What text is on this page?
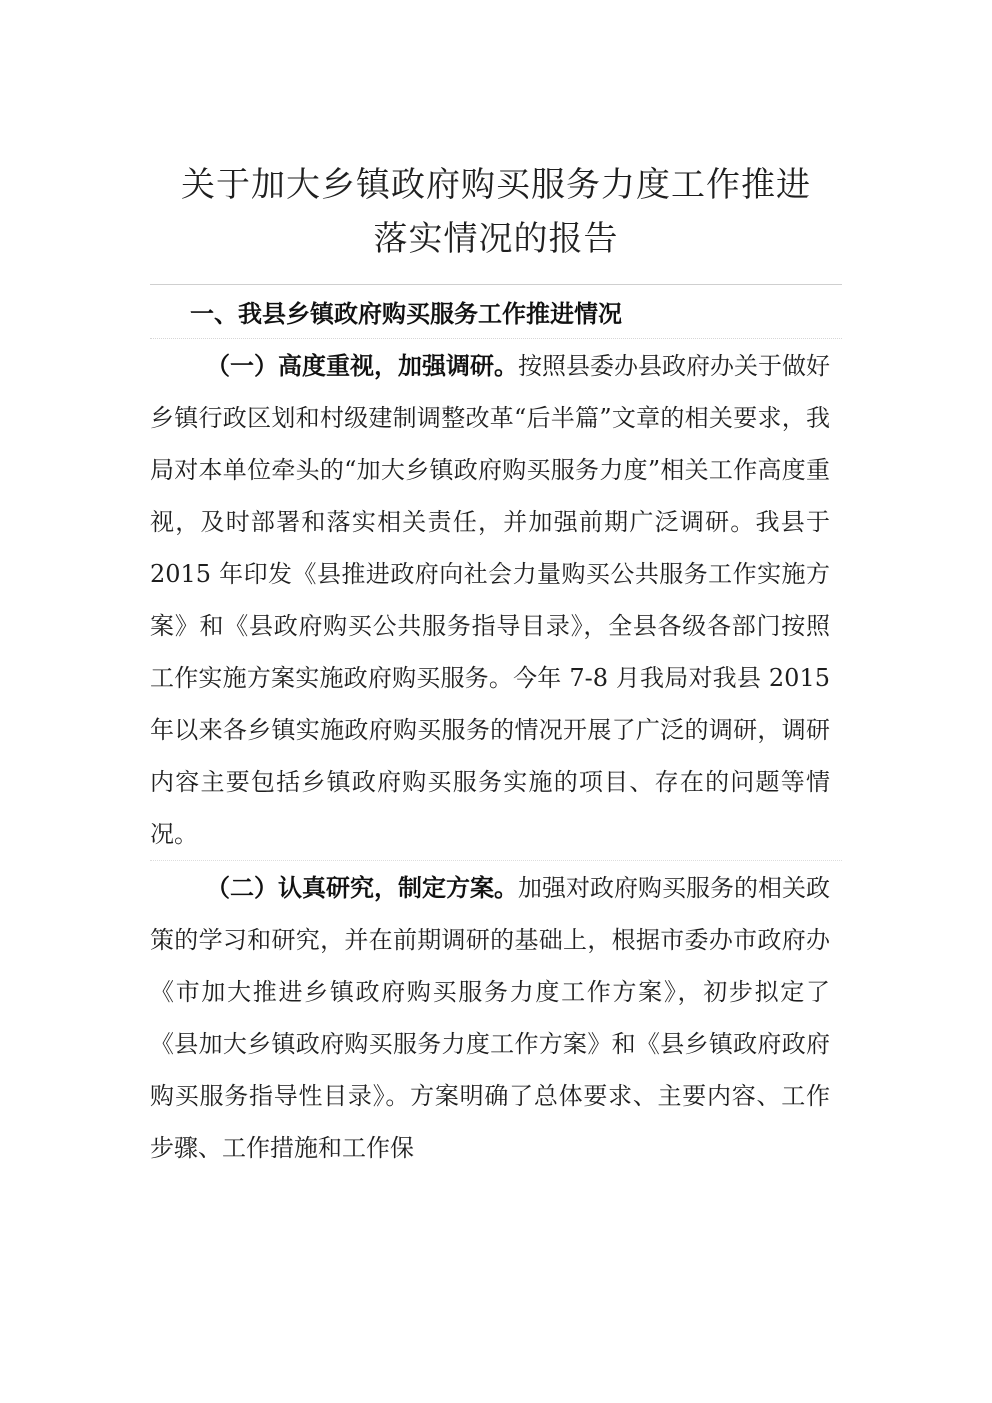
关于加大乡镇政府购买服务力度工作推进
落实情况的报告
一、我县乡镇政府购买服务工作推进情况

（一）高度重视，加强调研。按照县委办县政府办关于做好乡镇行政区划和村级建制调整改革“后半篇”文章的相关要求，我局对本单位牵头的“加大乡镇政府购买服务力度”相关工作高度重视，及时部署和落实相关责任，并加强前期广泛调研。我县于 2015 年印发《县推进政府向社会力量购买公共服务工作实施方案》和《县政府购买公共服务指导目录》，全县各级各部门按照工作实施方案实施政府购买服务。今年 7-8 月我局对我县 2015 年以来各乡镇实施政府购买服务的情况开展了广泛的调研，调研内容主要包括乡镇政府购买服务实施的项目、存在的问题等情况。

（二）认真研究，制定方案。加强对政府购买服务的相关政策的学习和研究，并在前期调研的基础上，根据市委办市政府办《市加大推进乡镇政府购买服务力度工作方案》，初步拟定了《县加大乡镇政府购买服务力度工作方案》和《县乡镇政府政府购买服务指导性目录》。方案明确了总体要求、主要内容、工作步骤、工作措施和工作保
